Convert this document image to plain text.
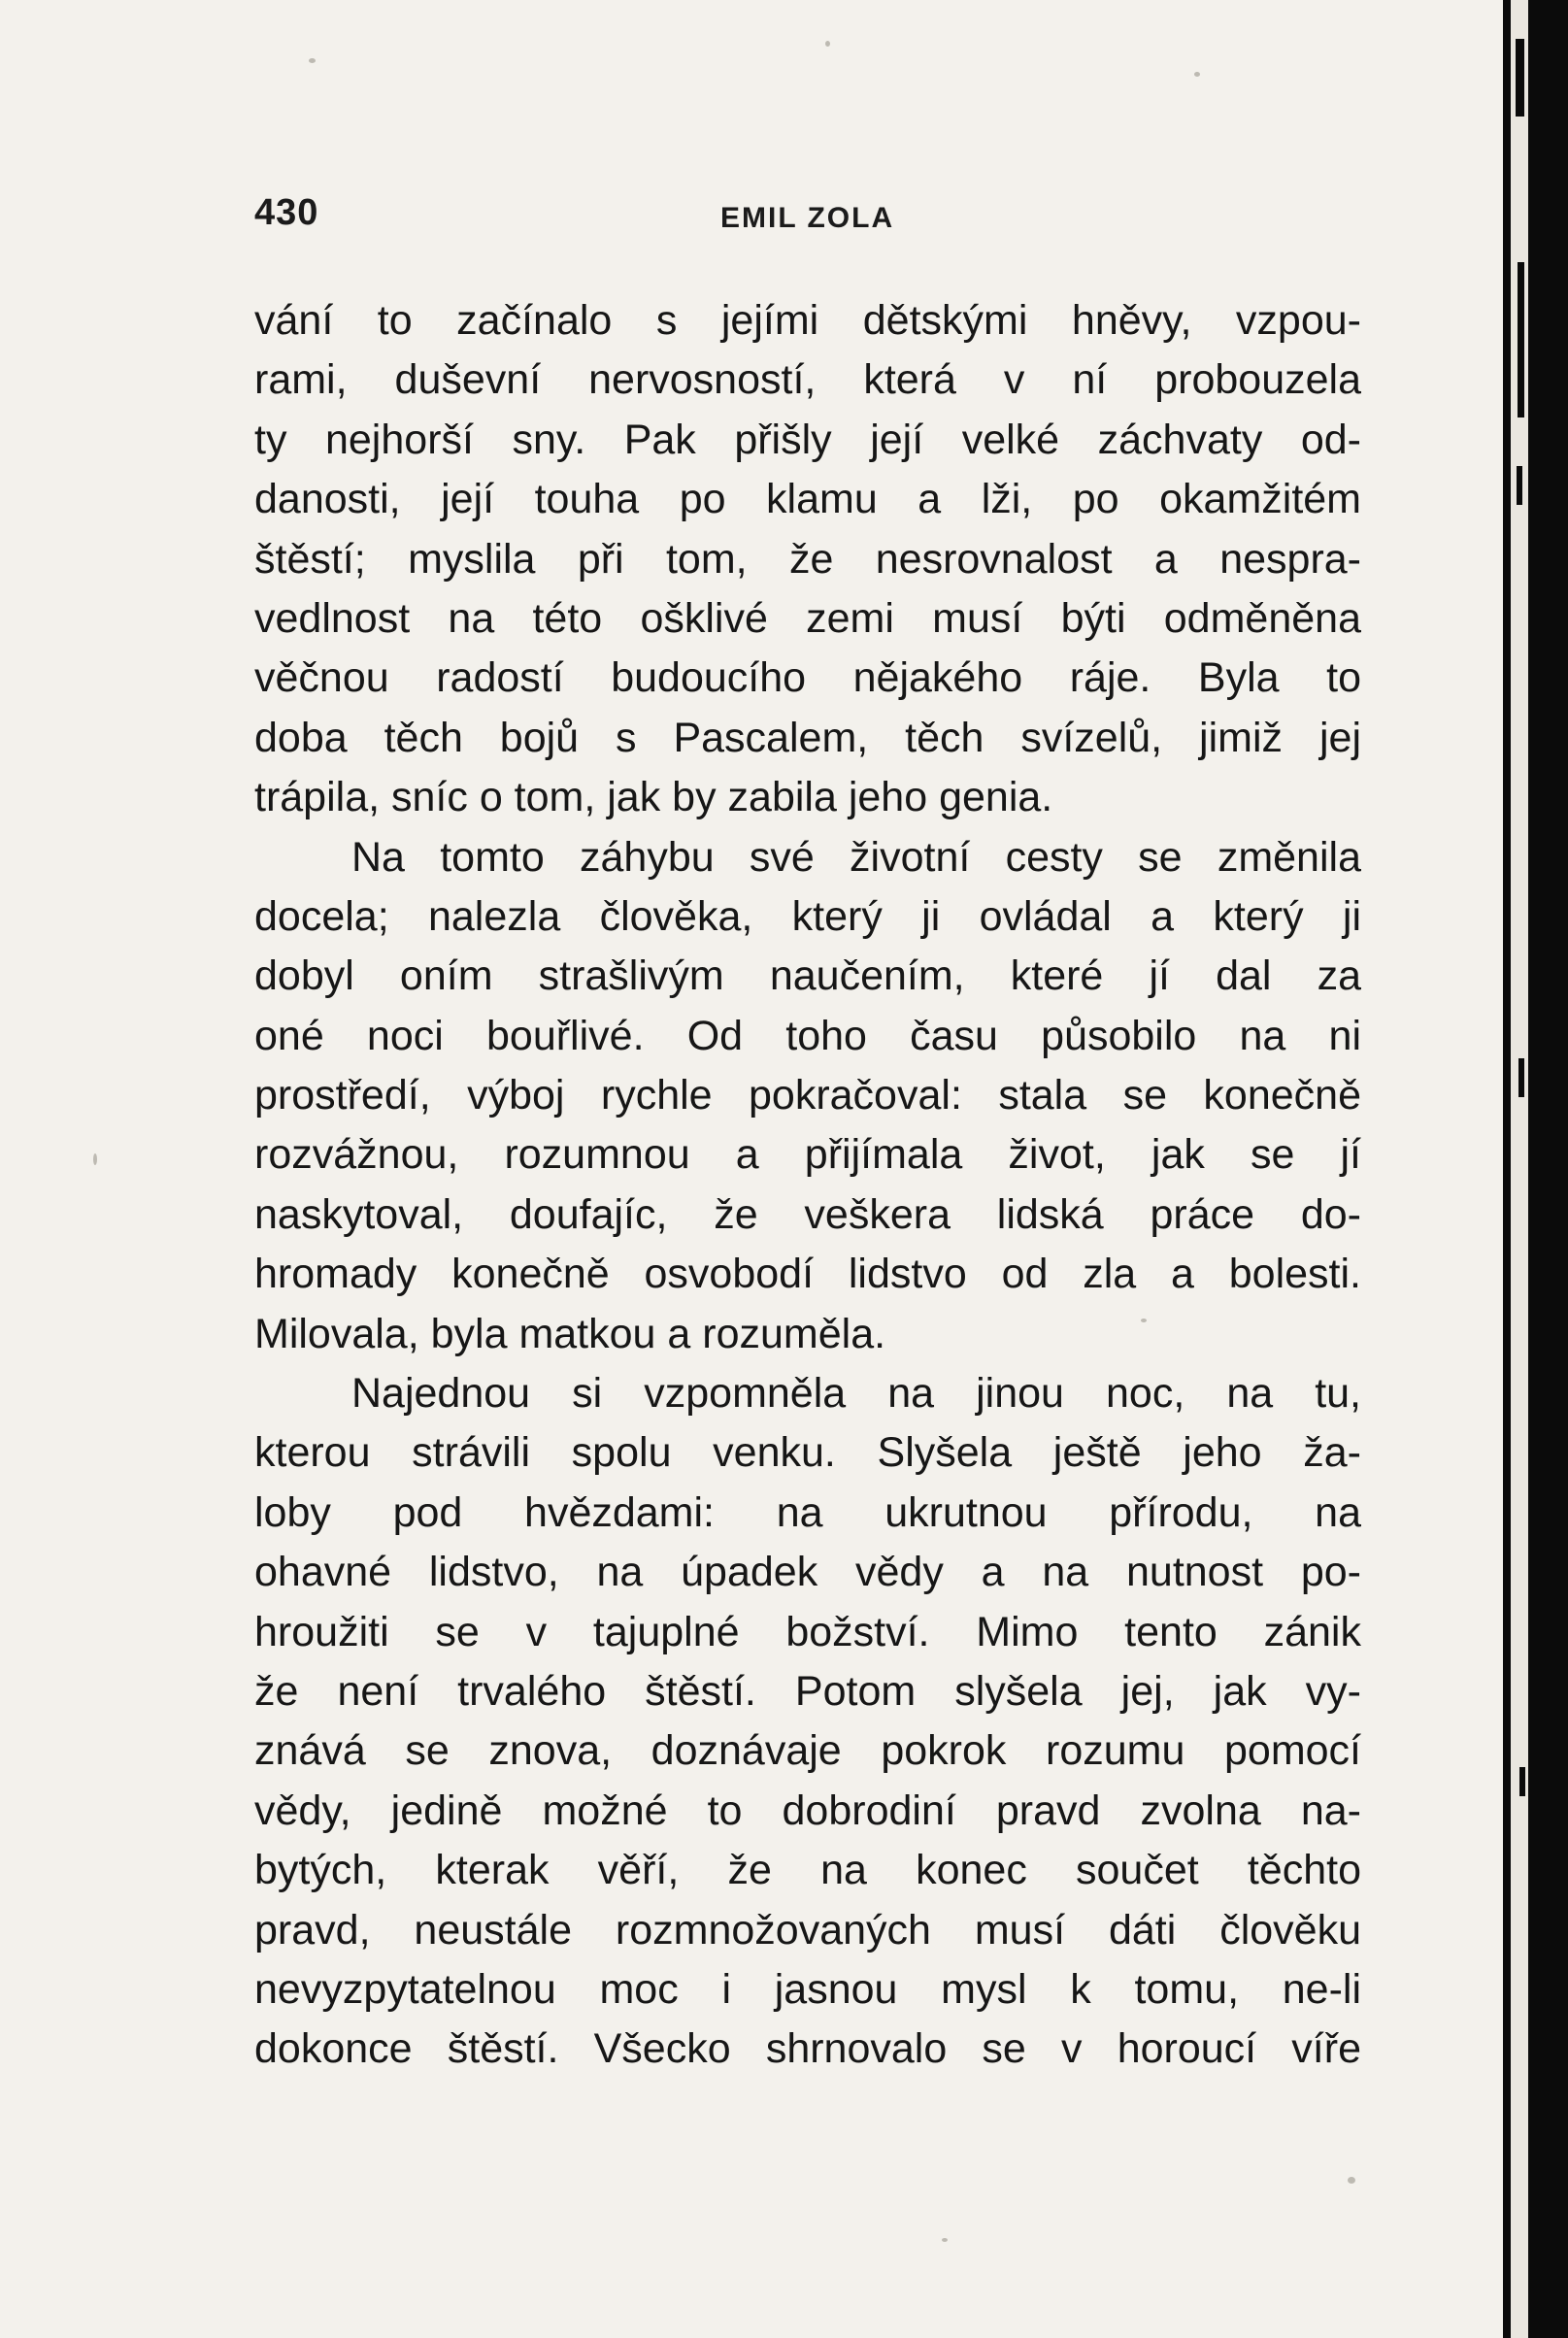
430	EMIL ZOLA
vání to začínalo s jejími dětskými hněvy, vzpou-
rami, duševní nervosností, která v ní probouzela
ty nejhorší sny. Pak přišly její velké záchvaty od-
danosti, její touha po klamu a lži, po okamžitém
štěstí; myslila při tom, že nesrovnalost a nespra-
vedlnost na této ošklivé zemi musí býti odměněna
věčnou radostí budoucího nějakého ráje. Byla to
doba těch bojů s Pascalem, těch svízelů, jimiž jej
trápila, sníc o tom, jak by zabila jeho genia.
Na tomto záhybu své životní cesty se změnila
docela; nalezla člověka, který ji ovládal a který ji
dobyl oním strašlivým naučením, které jí dal za
oné noci bouřlivé. Od toho času působilo na ni
prostředí, výboj rychle pokračoval: stala se konečně
rozvážnou, rozumnou a přijímala život, jak se jí
naskytoval, doufajíc, že veškera lidská práce do-
hromady konečně osvobodí lidstvo od zla a bolesti.
Milovala, byla matkou a rozuměla.
Najednou si vzpomněla na jinou noc, na tu,
kterou strávili spolu venku. Slyšela ještě jeho ža-
loby pod hvězdami: na ukrutnou přírodu, na
ohavné lidstvo, na úpadek vědy a na nutnost po-
hroužiti se v tajuplné božství. Mimo tento zánik
že není trvalého štěstí. Potom slyšela jej, jak vy-
znává se znova, doznávaje pokrok rozumu pomocí
vědy, jedině možné to dobrodiní pravd zvolna na-
bytých, kterak věří, že na konec součet těchto
pravd, neustále rozmnožovaných musí dáti člověku
nevyzpytatelnou moc i jasnou mysl k tomu, ne-li
dokonce štěstí. Všecko shrnovalo se v horoucí víře
